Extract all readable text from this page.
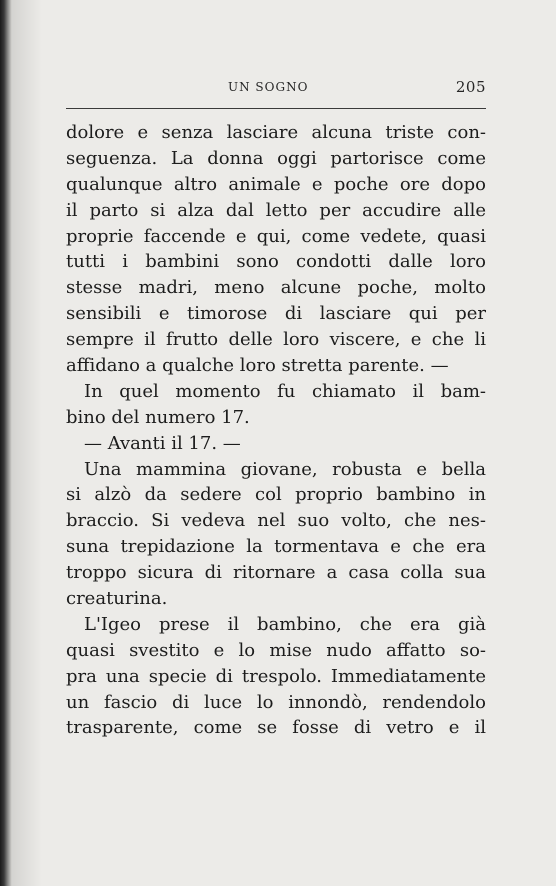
UN SOGNO	205
dolore e senza lasciare alcuna triste con-
seguenza. La donna oggi partorisce come
qualunque altro animale e poche ore dopo
il parto si alza dal letto per accudire alle
proprie faccende e qui, come vedete, quasi
tutti i bambini sono condotti dalle loro
stesse madri, meno alcune poche, molto
sensibili e timorose di lasciare qui per
sempre il frutto delle loro viscere, e che li
affidano a qualche loro stretta parente. —
In quel momento fu chiamato il bam-
bino del numero 17.
— Avanti il 17. —
Una mammina giovane, robusta e bella
si alzò da sedere col proprio bambino in
braccio. Si vedeva nel suo volto, che nes-
suna trepidazione la tormentava e che era
troppo sicura di ritornare a casa colla sua
creaturina.
L'Igeo prese il bambino, che era già
quasi svestito e lo mise nudo affatto so-
pra una specie di trespolo. Immediatamente
un fascio di luce lo innondò, rendendolo
trasparente, come se fosse di vetro e il
